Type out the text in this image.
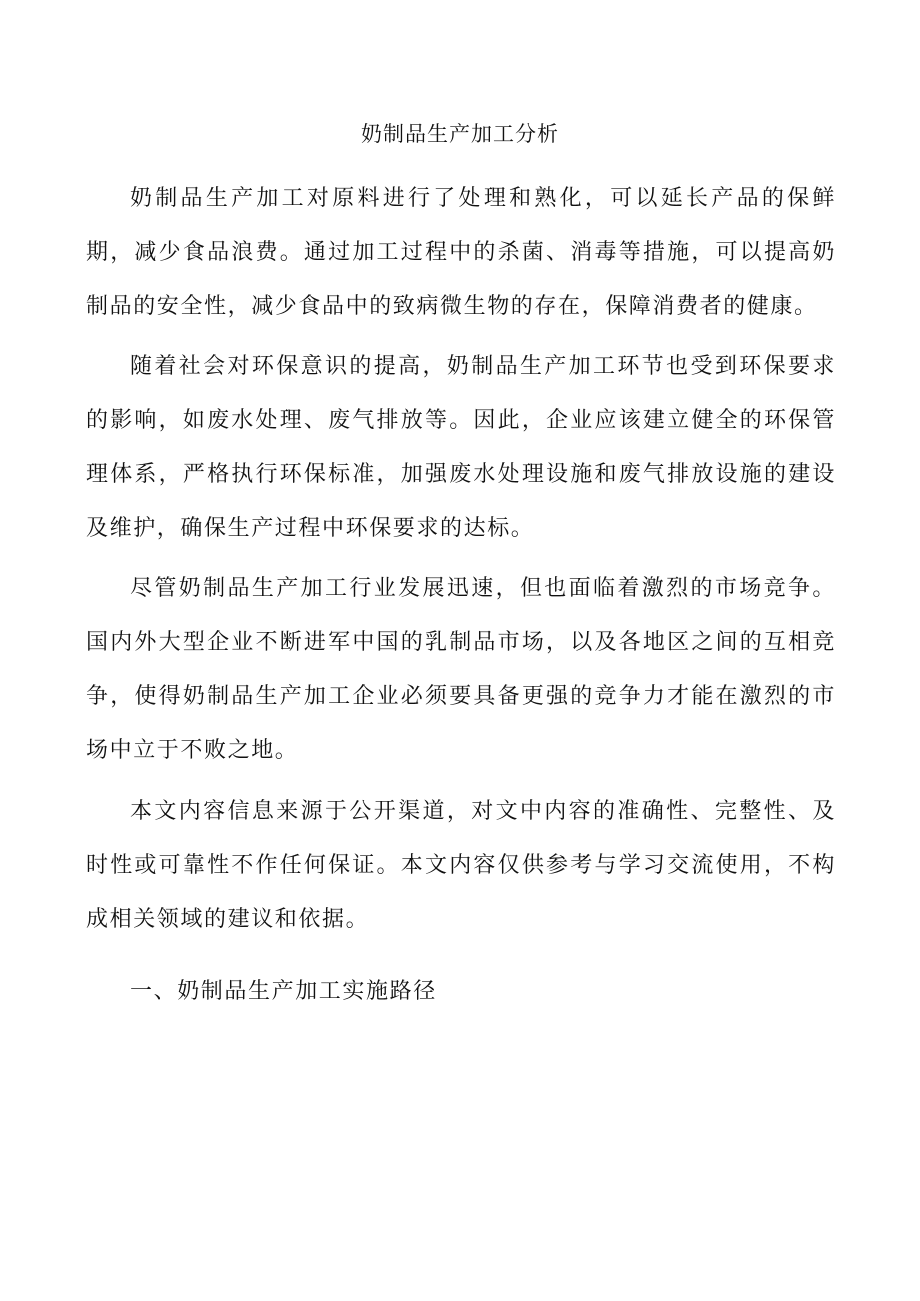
奶制品生产加工分析

奶制品生产加工对原料进行了处理和熟化，可以延长产品的保鲜期，减少食品浪费。通过加工过程中的杀菌、消毒等措施，可以提高奶制品的安全性，减少食品中的致病微生物的存在，保障消费者的健康。

随着社会对环保意识的提高，奶制品生产加工环节也受到环保要求的影响，如废水处理、废气排放等。因此，企业应该建立健全的环保管理体系，严格执行环保标准，加强废水处理设施和废气排放设施的建设及维护，确保生产过程中环保要求的达标。

尽管奶制品生产加工行业发展迅速，但也面临着激烈的市场竞争。国内外大型企业不断进军中国的乳制品市场，以及各地区之间的互相竞争，使得奶制品生产加工企业必须要具备更强的竞争力才能在激烈的市场中立于不败之地。

本文内容信息来源于公开渠道，对文中内容的准确性、完整性、及时性或可靠性不作任何保证。本文内容仅供参考与学习交流使用，不构成相关领域的建议和依据。

一、奶制品生产加工实施路径
